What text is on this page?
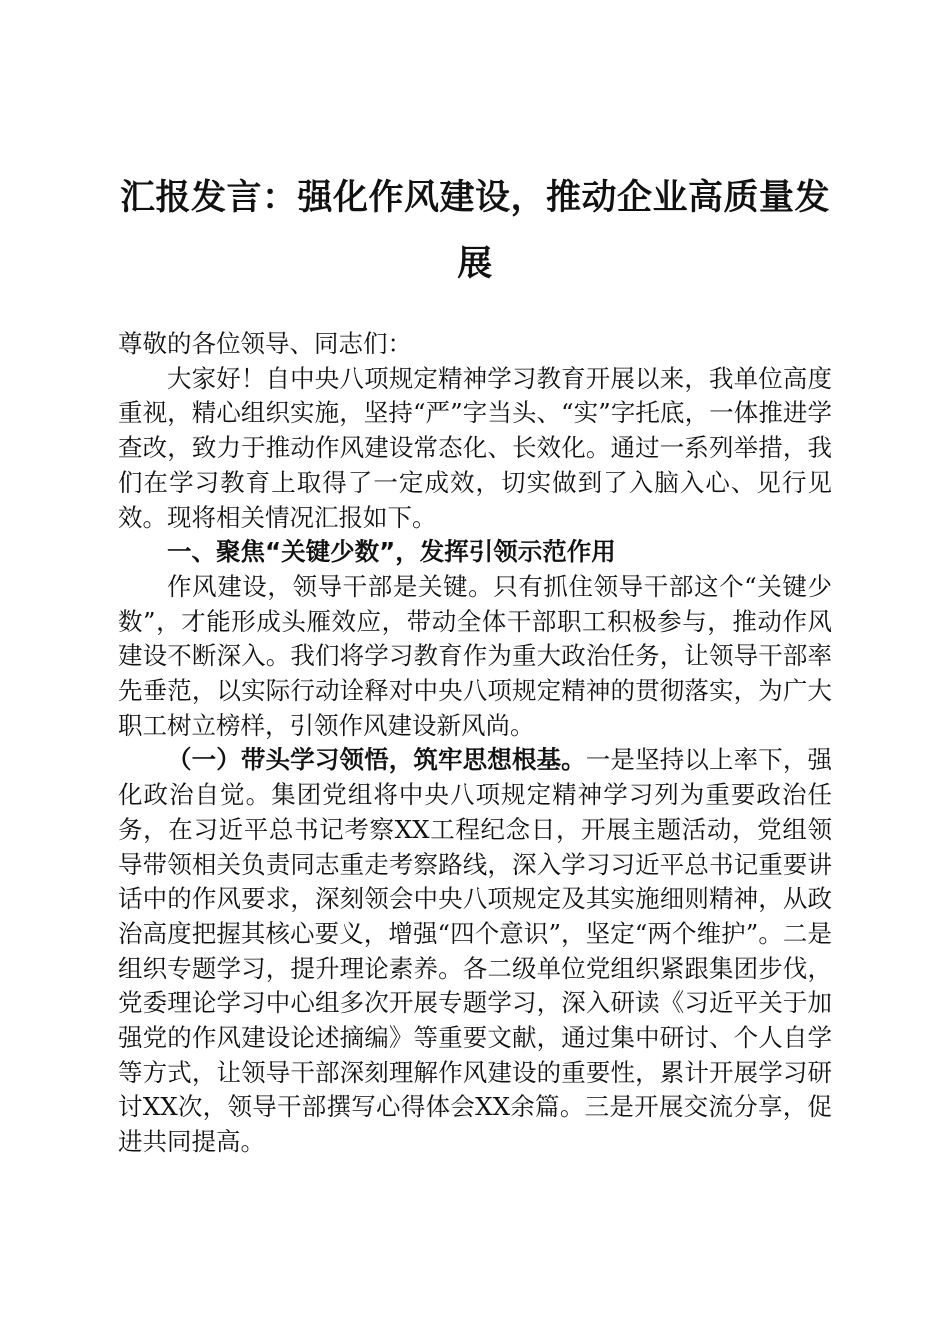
汇报发言：强化作风建设，推动企业高质量发展

尊敬的各位领导、同志们：

大家好！自中央八项规定精神学习教育开展以来，我单位高度重视，精心组织实施，坚持“严”字当头、“实”字托底，一体推进学查改，致力于推动作风建设常态化、长效化。通过一系列举措，我们在学习教育上取得了一定成效，切实做到了入脑入心、见行见效。现将相关情况汇报如下。

一、聚焦“关键少数”，发挥引领示范作用

作风建设，领导干部是关键。只有抓住领导干部这个“关键少数”，才能形成头雁效应，带动全体干部职工积极参与，推动作风建设不断深入。我们将学习教育作为重大政治任务，让领导干部率先垂范，以实际行动诠释对中央八项规定精神的贯彻落实，为广大职工树立榜样，引领作风建设新风尚。

（一）带头学习领悟，筑牢思想根基。一是坚持以上率下，强化政治自觉。集团党组将中央八项规定精神学习列为重要政治任务，在习近平总书记考察XX工程纪念日，开展主题活动，党组领导带领相关负责同志重走考察路线，深入学习习近平总书记重要讲话中的作风要求，深刻领会中央八项规定及其实施细则精神，从政治高度把握其核心要义，增强“四个意识”，坚定“两个维护”。二是组织专题学习，提升理论素养。各二级单位党组织紧跟集团步伐，党委理论学习中心组多次开展专题学习，深入研读《习近平关于加强党的作风建设论述摘编》等重要文献，通过集中研讨、个人自学等方式，让领导干部深刻理解作风建设的重要性，累计开展学习研讨XX次，领导干部撰写心得体会XX余篇。三是开展交流分享，促进共同提高。
